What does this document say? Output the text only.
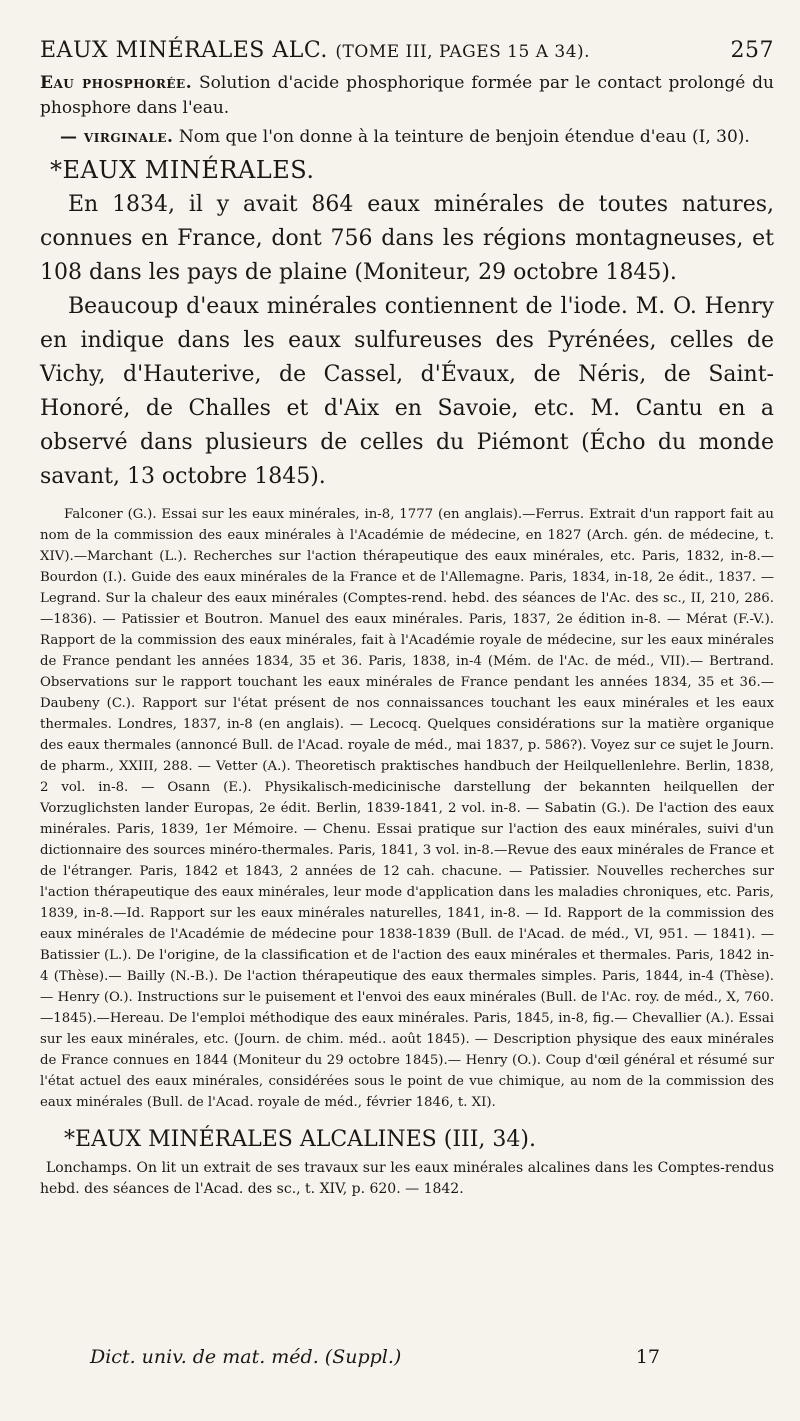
EAUX MINÉRALES ALC. (TOME III, PAGES 15 A 34).	257

Eau phosphorée. Solution d'acide phosphorique formée par le contact prolongé du phosphore dans l'eau.

— virginale. Nom que l'on donne à la teinture de benjoin étendue d'eau (I, 30).

*EAUX MINÉRALES.

En 1834, il y avait 864 eaux minérales de toutes natures, connues en France, dont 756 dans les régions montagneuses, et 108 dans les pays de plaine (Moniteur, 29 octobre 1845).

Beaucoup d'eaux minérales contiennent de l'iode. M. O. Henry en indique dans les eaux sulfureuses des Pyrénées, celles de Vichy, d'Hauterive, de Cassel, d'Évaux, de Néris, de Saint-Honoré, de Challes et d'Aix en Savoie, etc. M. Cantu en a observé dans plusieurs de celles du Piémont (Écho du monde savant, 13 octobre 1845).

Falconer (G.). Essai sur les eaux minérales, in-8, 1777 (en anglais).—Ferrus. Extrait d'un rapport fait au nom de la commission des eaux minérales à l'Académie de médecine, en 1827 (Arch. gén. de médecine, t. XIV).—Marchant (L.). Recherches sur l'action thérapeutique des eaux minérales, etc. Paris, 1832, in-8.— Bourdon (I.). Guide des eaux minérales de la France et de l'Allemagne. Paris, 1834, in-18, 2e édit., 1837. — Legrand. Sur la chaleur des eaux minérales (Comptes-rend. hebd. des séances de l'Ac. des sc., II, 210, 286.—1836). — Patissier et Boutron. Manuel des eaux minérales. Paris, 1837, 2e édition in-8. — Mérat (F.-V.). Rapport de la commission des eaux minérales, fait à l'Académie royale de médecine, sur les eaux minérales de France pendant les années 1834, 35 et 36. Paris, 1838, in-4 (Mém. de l'Ac. de méd., VII).— Bertrand. Observations sur le rapport touchant les eaux minérales de France pendant les années 1834, 35 et 36.— Daubeny (C.). Rapport sur l'état présent de nos connaissances touchant les eaux minérales et les eaux thermales. Londres, 1837, in-8 (en anglais). — Lecocq. Quelques considérations sur la matière organique des eaux thermales (annoncé Bull. de l'Acad. royale de méd., mai 1837, p. 586?). Voyez sur ce sujet le Journ. de pharm., XXIII, 288. — Vetter (A.). Theoretisch praktisches handbuch der Heilquellenlehre. Berlin, 1838, 2 vol. in-8. — Osann (E.). Physikalisch-medicinische darstellung der bekannten heilquellen der Vorzuglichsten lander Europas, 2e édit. Berlin, 1839-1841, 2 vol. in-8. — Sabatin (G.). De l'action des eaux minérales. Paris, 1839, 1er Mémoire. — Chenu. Essai pratique sur l'action des eaux minérales, suivi d'un dictionnaire des sources minéro-thermales. Paris, 1841, 3 vol. in-8.—Revue des eaux minérales de France et de l'étranger. Paris, 1842 et 1843, 2 années de 12 cah. chacune. — Patissier. Nouvelles recherches sur l'action thérapeutique des eaux minérales, leur mode d'application dans les maladies chroniques, etc. Paris, 1839, in-8.—Id. Rapport sur les eaux minérales naturelles, 1841, in-8. — Id. Rapport de la commission des eaux minérales de l'Académie de médecine pour 1838-1839 (Bull. de l'Acad. de méd., VI, 951. — 1841). — Batissier (L.). De l'origine, de la classification et de l'action des eaux minérales et thermales. Paris, 1842 in-4 (Thèse).— Bailly (N.-B.). De l'action thérapeutique des eaux thermales simples. Paris, 1844, in-4 (Thèse). — Henry (O.). Instructions sur le puisement et l'envoi des eaux minérales (Bull. de l'Ac. roy. de méd., X, 760.—1845).—Hereau. De l'emploi méthodique des eaux minérales. Paris, 1845, in-8, fig.— Chevallier (A.). Essai sur les eaux minérales, etc. (Journ. de chim. méd.. août 1845). — Description physique des eaux minérales de France connues en 1844 (Moniteur du 29 octobre 1845).— Henry (O.). Coup d'œil général et résumé sur l'état actuel des eaux minérales, considérées sous le point de vue chimique, au nom de la commission des eaux minérales (Bull. de l'Acad. royale de méd., février 1846, t. XI).

*EAUX MINÉRALES ALCALINES (III, 34).

Lonchamps. On lit un extrait de ses travaux sur les eaux minérales alcalines dans les Comptes-rendus hebd. des séances de l'Acad. des sc., t. XIV, p. 620. — 1842.

Dict. univ. de mat. méd. (Suppl.)	17
